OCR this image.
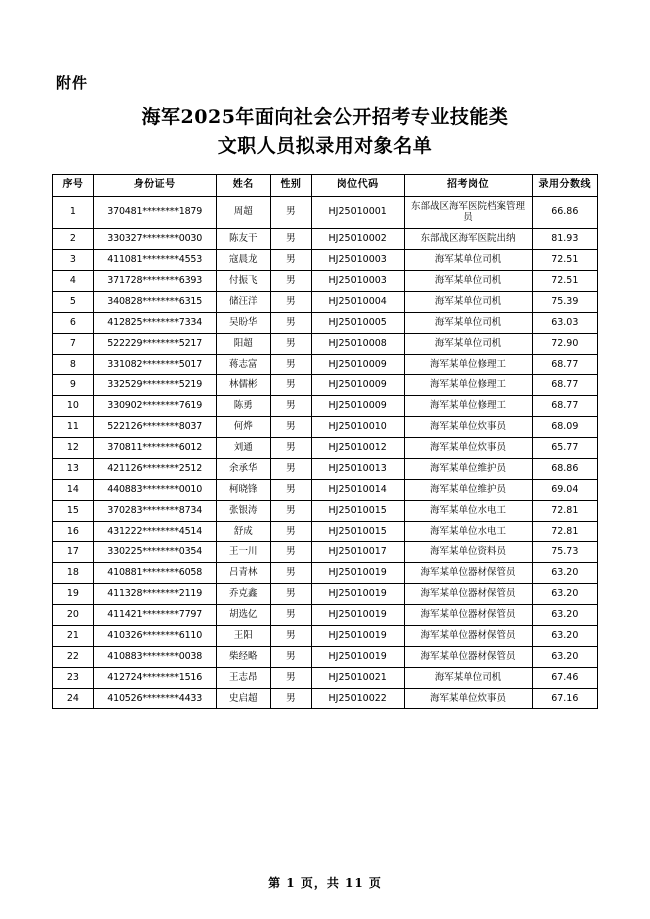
附件
海军2025年面向社会公开招考专业技能类
文职人员拟录用对象名单
序号	身份证号	姓名	性别	岗位代码	招考岗位	录用分数线
1	370481********1879	周超	男	HJ25010001	东部战区海军医院档案管理员	66.86
2	330327********0030	陈友干	男	HJ25010002	东部战区海军医院出纳	81.93
3	411081********4553	寇晨龙	男	HJ25010003	海军某单位司机	72.51
4	371728********6393	付振飞	男	HJ25010003	海军某单位司机	72.51
5	340828********6315	储汪洋	男	HJ25010004	海军某单位司机	75.39
6	412825********7334	吴盼华	男	HJ25010005	海军某单位司机	63.03
7	522229********5217	阳超	男	HJ25010008	海军某单位司机	72.90
8	331082********5017	蒋志富	男	HJ25010009	海军某单位修理工	68.77
9	332529********5219	林儒彬	男	HJ25010009	海军某单位修理工	68.77
10	330902********7619	陈勇	男	HJ25010009	海军某单位修理工	68.77
11	522126********8037	何烨	男	HJ25010010	海军某单位炊事员	68.09
12	370811********6012	刘通	男	HJ25010012	海军某单位炊事员	65.77
13	421126********2512	余承华	男	HJ25010013	海军某单位维护员	68.86
14	440883********0010	柯晓锋	男	HJ25010014	海军某单位维护员	69.04
15	370283********8734	张银涛	男	HJ25010015	海军某单位水电工	72.81
16	431222********4514	舒成	男	HJ25010015	海军某单位水电工	72.81
17	330225********0354	王一川	男	HJ25010017	海军某单位资料员	75.73
18	410881********6058	吕青林	男	HJ25010019	海军某单位器材保管员	63.20
19	411328********2119	乔克鑫	男	HJ25010019	海军某单位器材保管员	63.20
20	411421********7797	胡选亿	男	HJ25010019	海军某单位器材保管员	63.20
21	410326********6110	王阳	男	HJ25010019	海军某单位器材保管员	63.20
22	410883********0038	柴经略	男	HJ25010019	海军某单位器材保管员	63.20
23	412724********1516	王志昂	男	HJ25010021	海军某单位司机	67.46
24	410526********4433	史启超	男	HJ25010022	海军某单位炊事员	67.16
第 1 页，共 11 页
